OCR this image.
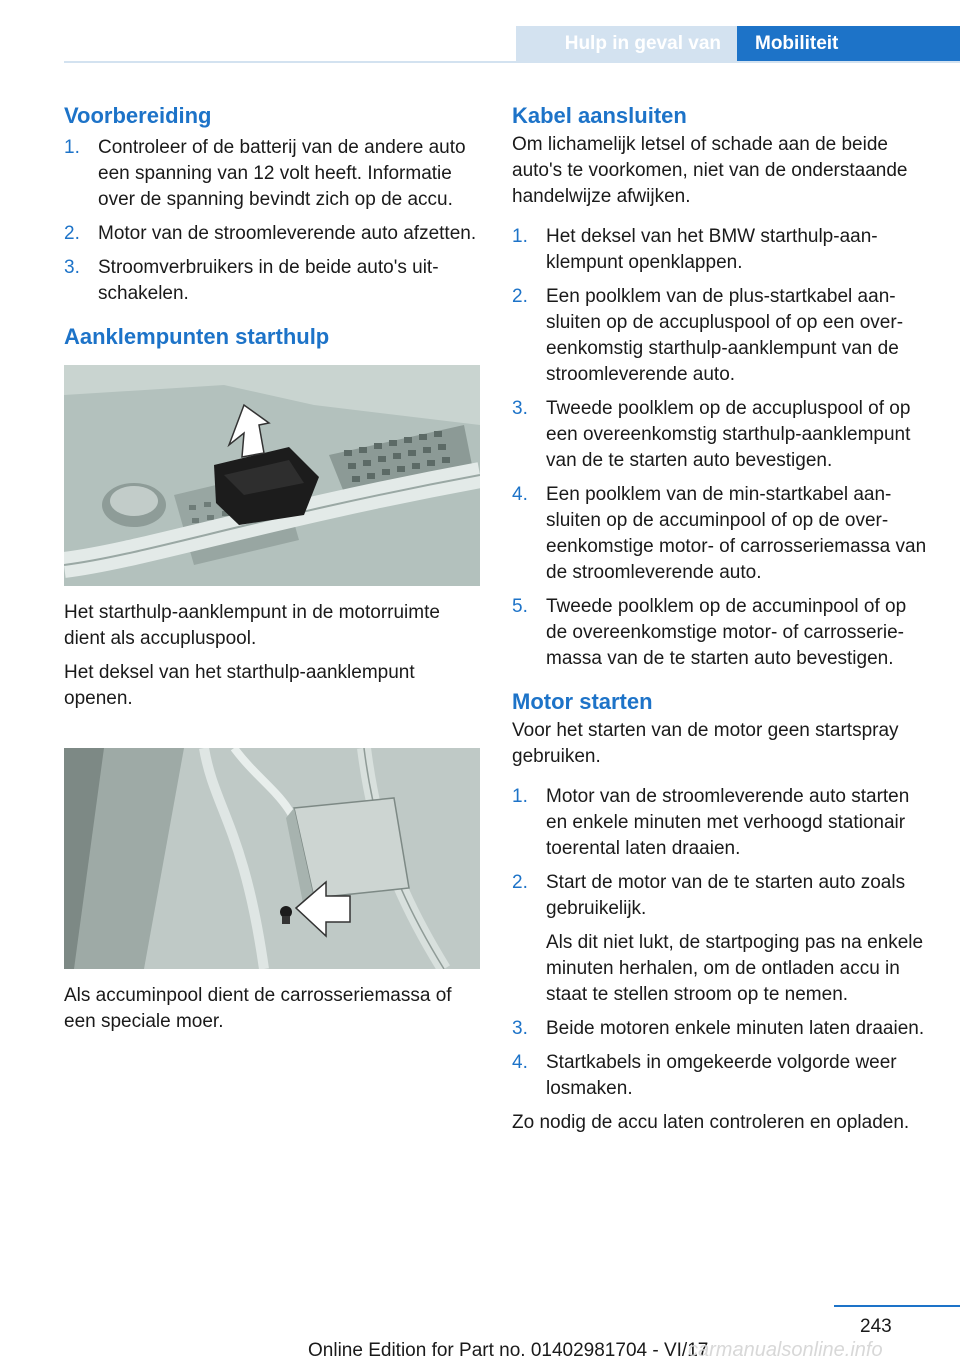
Hulp in geval van pech
Mobiliteit
Voorbereiding
1. Controleer of de batterij van de andere auto een spanning van 12 volt heeft. Informatie over de spanning bevindt zich op de accu.
2. Motor van de stroomleverende auto afzetten.
3. Stroomverbruikers in de beide auto's uitschakelen.
Aanklempunten starthulp

Het starthulp-aanklempunt in de motorruimte dient als accupluspool.

Het deksel van het starthulp-aanklempunt openen.

Als accuminpool dient de carrosseriemassa of een speciale moer.

Kabel aansluiten

Om lichamelijk letsel of schade aan de beide auto's te voorkomen, niet van de onderstaande handelwijze afwijken.

1. Het deksel van het BMW starthulp-aanklempunt openklappen.
2. Een poolklem van de plus-startkabel aansluiten op de accupluspool of op een overeenkomstig starthulp-aanklempunt van de stroomleverende auto.
3. Tweede poolklem op de accupluspool of op een overeenkomstig starthulp-aanklempunt van de te starten auto bevestigen.
4. Een poolklem van de min-startkabel aansluiten op de accuminpool of op de overeenkomstige motor- of carrosseriemassa van de stroomleverende auto.
5. Tweede poolklem op de accuminpool of op de overeenkomstige motor- of carrosseriemassa van de te starten auto bevestigen.
Motor starten

Voor het starten van de motor geen startspray gebruiken.

1. Motor van de stroomleverende auto starten en enkele minuten met verhoogd stationair toerental laten draaien.
2. Start de motor van de te starten auto zoals gebruikelijk.
Als dit niet lukt, de startpoging pas na enkele minuten herhalen, om de ontladen accu in staat te stellen stroom op te nemen.
3. Beide motoren enkele minuten laten draaien.
4. Startkabels in omgekeerde volgorde weer losmaken.

Zo nodig de accu laten controleren en opladen.

243
Online Edition for Part no. 01402981704 - VI/17
carmanualsonline.info
